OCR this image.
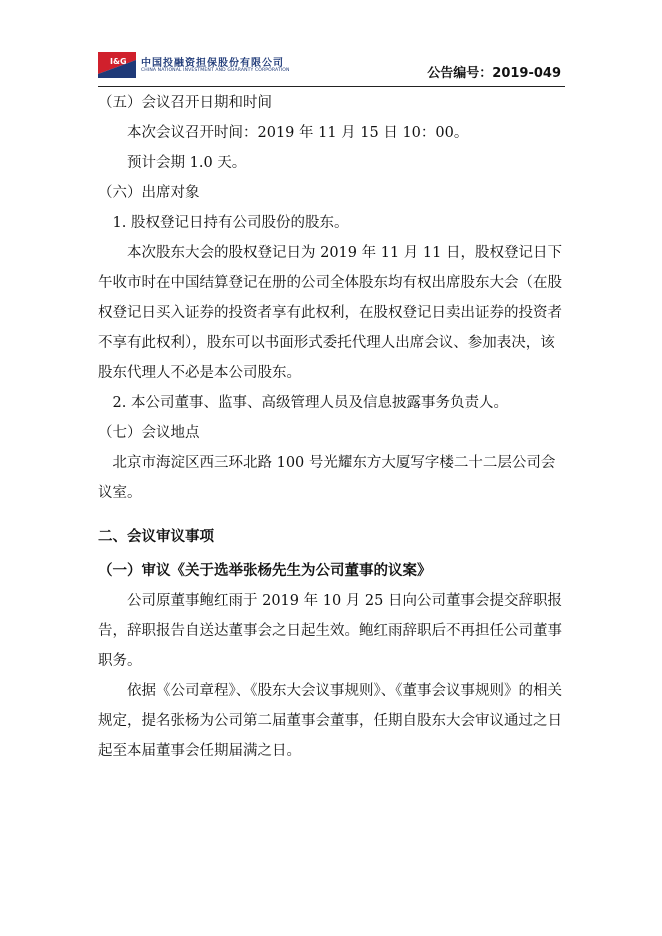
I&G 中国投融资担保股份有限公司
CHINA NATIONAL INVESTMENT AND GUARANTY CORPORATION	公告编号：2019-049

（五）会议召开日期和时间

本次会议召开时间：2019 年 11 月 15 日 10：00。

预计会期 1.0 天。

（六）出席对象

1. 股权登记日持有公司股份的股东。

本次股东大会的股权登记日为 2019 年 11 月 11 日，股权登记日下午收市时在中国结算登记在册的公司全体股东均有权出席股东大会（在股权登记日买入证券的投资者享有此权利，在股权登记日卖出证券的投资者不享有此权利），股东可以书面形式委托代理人出席会议、参加表决，该股东代理人不必是本公司股东。

2. 本公司董事、监事、高级管理人员及信息披露事务负责人。

（七）会议地点

北京市海淀区西三环北路 100 号光耀东方大厦写字楼二十二层公司会议室。

二、会议审议事项

（一）审议《关于选举张杨先生为公司董事的议案》

公司原董事鲍红雨于 2019 年 10 月 25 日向公司董事会提交辞职报告，辞职报告自送达董事会之日起生效。鲍红雨辞职后不再担任公司董事职务。

依据《公司章程》、《股东大会议事规则》、《董事会议事规则》的相关规定，提名张杨为公司第二届董事会董事，任期自股东大会审议通过之日起至本届董事会任期届满之日。
